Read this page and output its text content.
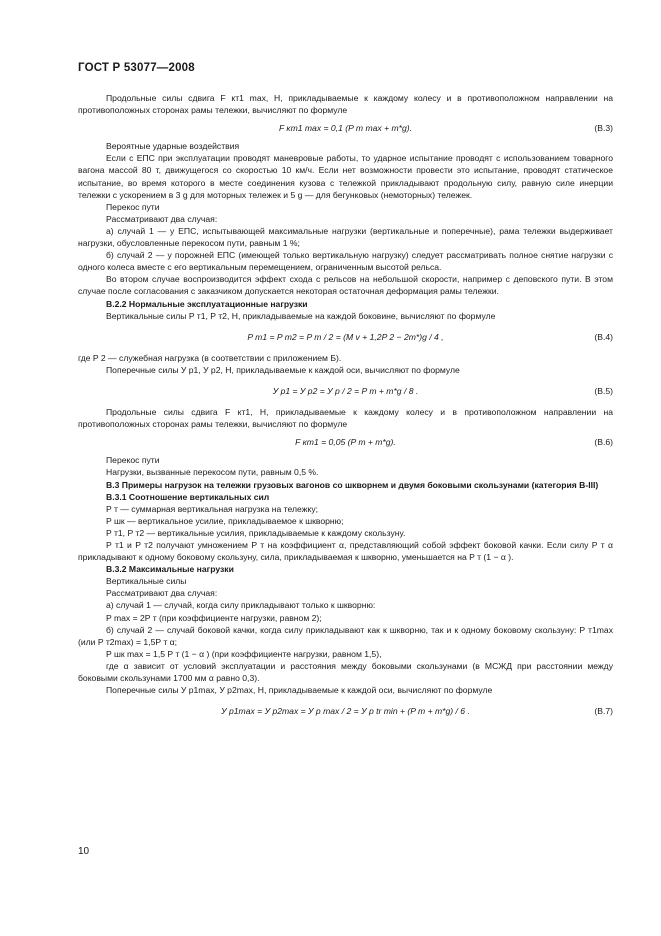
ГОСТ Р 53077—2008

Продольные силы сдвига F кт1 max, Н, прикладываемые к каждому колесу и в противоположном направлении на противоположных сторонах рамы тележки, вычисляют по формуле

F кт1 max = 0,1 (P т max + m*g).	(B.3)

Вероятные ударные воздействия

Если с ЕПС при эксплуатации проводят маневровые работы, то ударное испытание проводят с использованием товарного вагона массой 80 т, движущегося со скоростью 10 км/ч. Если нет возможности провести это испытание, проводят статическое испытание, во время которого в месте соединения кузова с тележкой прикладывают продольную силу, равную силе инерции тележки с ускорением в 3 g для моторных тележек и 5 g — для бегунковых (немоторных) тележек.

Перекос пути

Рассматривают два случая:

а) случай 1 — у ЕПС, испытывающей максимальные нагрузки (вертикальные и поперечные), рама тележки выдерживает нагрузки, обусловленные перекосом пути, равным 1 %;

б) случай 2 — у порожней ЕПС (имеющей только вертикальную нагрузку) следует рассматривать полное снятие нагрузки с одного колеса вместе с его вертикальным перемещением, ограниченным высотой рельса.

Во втором случае воспроизводится эффект схода с рельсов на небольшой скорости, например с деповского пути. В этом случае после согласования с заказчиком допускается некоторая остаточная деформация рамы тележки.

B.2.2 Нормальные эксплуатационные нагрузки

Вертикальные силы P т1, P т2, Н, прикладываемые на каждой боковине, вычисляют по формуле

P т1 = P т2 = P т / 2 = (M v + 1,2P 2 − 2m*)g / 4 ,	(B.4)

где P 2 — служебная нагрузка (в соответствии с приложением Б).

Поперечные силы У р1, У р2, Н, прикладываемые к каждой оси, вычисляют по формуле

У р1 = У р2 = У р / 2 = P т + m*g / 8 .	(B.5)

Продольные силы сдвига F кт1, Н, прикладываемые к каждому колесу и в противоположном направлении на противоположных сторонах рамы тележки, вычисляют по формуле

F кт1 = 0,05 (P т + m*g).	(B.6)

Перекос пути

Нагрузки, вызванные перекосом пути, равным 0,5 %.

B.3 Примеры нагрузок на тележки грузовых вагонов со шкворнем и двумя боковыми скользунами (категория B-III)

B.3.1 Соотношение вертикальных сил

P т — суммарная вертикальная нагрузка на тележку;

P шк — вертикальное усилие, прикладываемое к шкворню;

P т1, P т2 — вертикальные усилия, прикладываемые к каждому скользуну.

P т1 и P т2 получают умножением P т на коэффициент α, представляющий собой эффект боковой качки. Если силу P т α прикладывают к одному боковому скользуну, сила, прикладываемая к шкворню, уменьшается на P т (1 − α ).

B.3.2 Максимальные нагрузки

Вертикальные силы

Рассматривают два случая:

а) случай 1 — случай, когда силу прикладывают только к шкворню:

P max = 2P т (при коэффициенте нагрузки, равном 2);

б) случай 2 — случай боковой качки, когда силу прикладывают как к шкворню, так и к одному боковому скользуну: P т1max (или P т2max) = 1,5P т α;

P шк max = 1,5 P т (1 − α ) (при коэффициенте нагрузки, равном 1,5),

где α зависит от условий эксплуатации и расстояния между боковыми скользунами (в МСЖД при расстоянии между боковыми скользунами 1700 мм α равно 0,3).

Поперечные силы У р1max, У р2max, Н, прикладываемые к каждой оси, вычисляют по формуле

У р1max = У р2max = У р max / 2 = У р tr min + (P т + m*g) / 6 .	(B.7)
10
